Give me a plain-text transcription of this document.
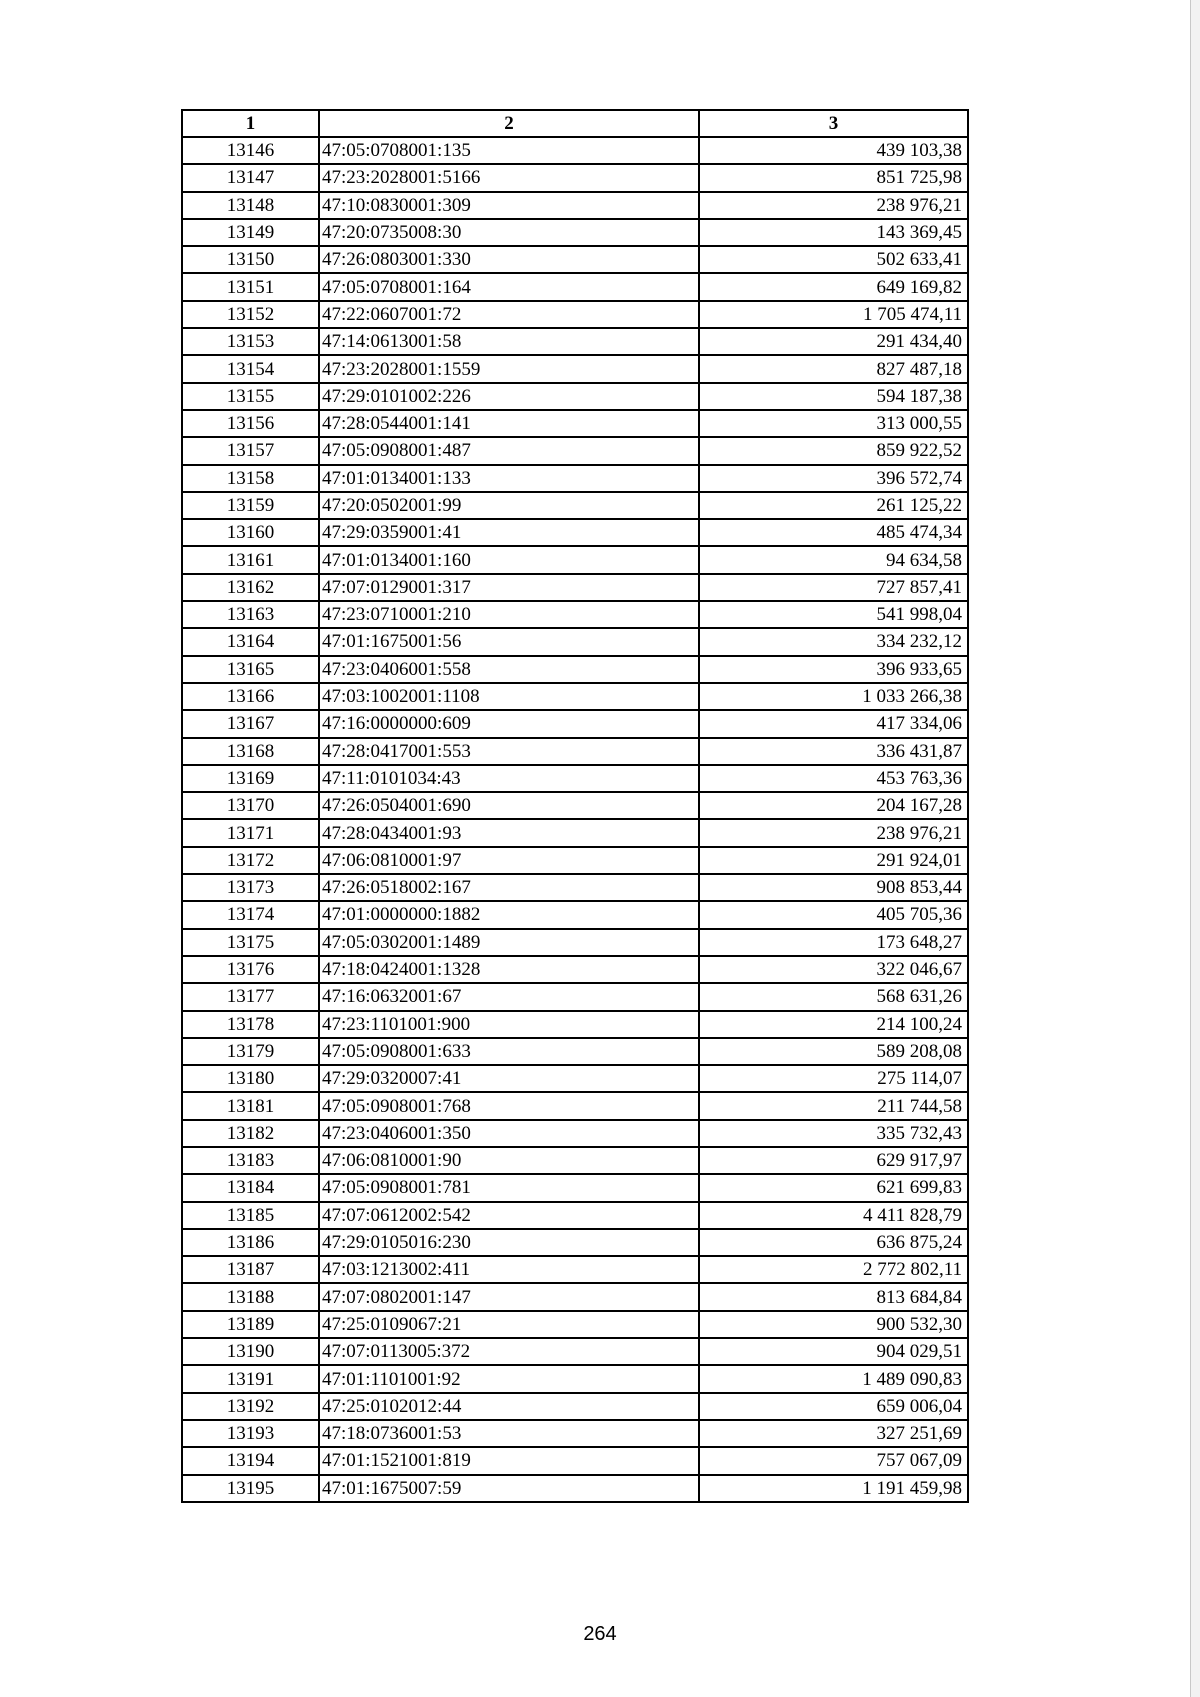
1	2	3
13146	47:05:0708001:135	439 103,38
13147	47:23:2028001:5166	851 725,98
13148	47:10:0830001:309	238 976,21
13149	47:20:0735008:30	143 369,45
13150	47:26:0803001:330	502 633,41
13151	47:05:0708001:164	649 169,82
13152	47:22:0607001:72	1 705 474,11
13153	47:14:0613001:58	291 434,40
13154	47:23:2028001:1559	827 487,18
13155	47:29:0101002:226	594 187,38
13156	47:28:0544001:141	313 000,55
13157	47:05:0908001:487	859 922,52
13158	47:01:0134001:133	396 572,74
13159	47:20:0502001:99	261 125,22
13160	47:29:0359001:41	485 474,34
13161	47:01:0134001:160	94 634,58
13162	47:07:0129001:317	727 857,41
13163	47:23:0710001:210	541 998,04
13164	47:01:1675001:56	334 232,12
13165	47:23:0406001:558	396 933,65
13166	47:03:1002001:1108	1 033 266,38
13167	47:16:0000000:609	417 334,06
13168	47:28:0417001:553	336 431,87
13169	47:11:0101034:43	453 763,36
13170	47:26:0504001:690	204 167,28
13171	47:28:0434001:93	238 976,21
13172	47:06:0810001:97	291 924,01
13173	47:26:0518002:167	908 853,44
13174	47:01:0000000:1882	405 705,36
13175	47:05:0302001:1489	173 648,27
13176	47:18:0424001:1328	322 046,67
13177	47:16:0632001:67	568 631,26
13178	47:23:1101001:900	214 100,24
13179	47:05:0908001:633	589 208,08
13180	47:29:0320007:41	275 114,07
13181	47:05:0908001:768	211 744,58
13182	47:23:0406001:350	335 732,43
13183	47:06:0810001:90	629 917,97
13184	47:05:0908001:781	621 699,83
13185	47:07:0612002:542	4 411 828,79
13186	47:29:0105016:230	636 875,24
13187	47:03:1213002:411	2 772 802,11
13188	47:07:0802001:147	813 684,84
13189	47:25:0109067:21	900 532,30
13190	47:07:0113005:372	904 029,51
13191	47:01:1101001:92	1 489 090,83
13192	47:25:0102012:44	659 006,04
13193	47:18:0736001:53	327 251,69
13194	47:01:1521001:819	757 067,09
13195	47:01:1675007:59	1 191 459,98
264
